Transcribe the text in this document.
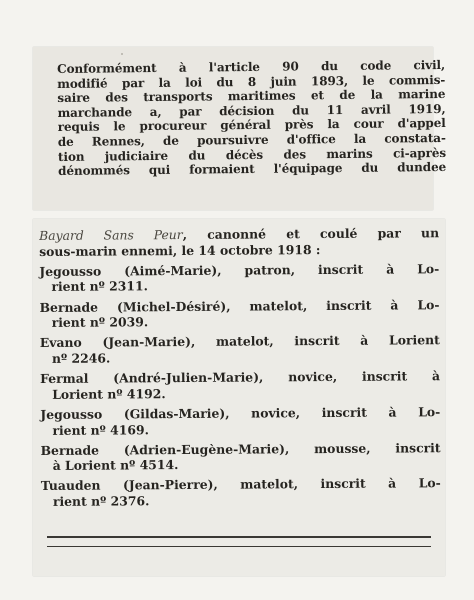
Conformément à l'article 90 du code civil,
modifié par la loi du 8 juin 1893, le commis-
saire des transports maritimes et de la marine
marchande a, par décision du 11 avril 1919,
requis le procureur général près la cour d'appel
de Rennes, de poursuivre d'office la constata-
tion judiciaire du décès des marins ci-après
dénommés qui formaient l'équipage du dundee

Bayard Sans Peur, canonné et coulé par un
sous-marin ennemi, le 14 octobre 1918 :
Jegousso (Aimé-Marie), patron, inscrit à Lo-
rient nº 2311.
Bernade (Michel-Désiré), matelot, inscrit à Lo-
rient nº 2039.
Evano (Jean-Marie), matelot, inscrit à Lorient
nº 2246.
Fermal (André-Julien-Marie), novice, inscrit à
Lorient nº 4192.
Jegousso (Gildas-Marie), novice, inscrit à Lo-
rient nº 4169.
Bernade (Adrien-Eugène-Marie), mousse, inscrit
à Lorient nº 4514.
Tuauden (Jean-Pierre), matelot, inscrit à Lo-
rient nº 2376.
